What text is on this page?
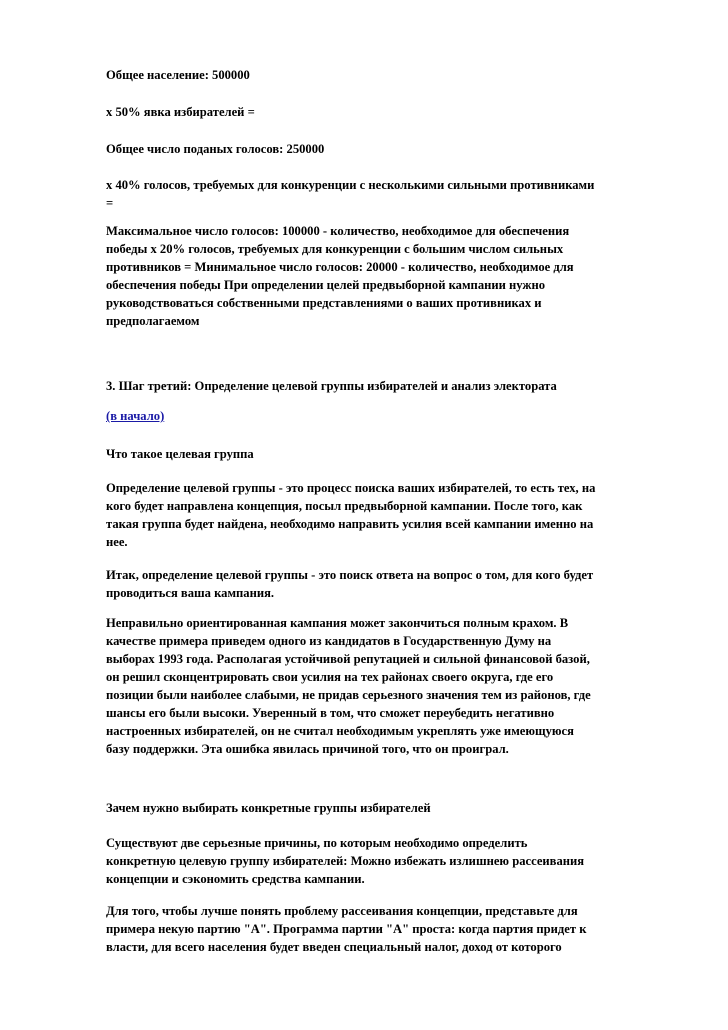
Общее население: 500000
х 50% явка избирателей =
Общее число поданых голосов: 250000
х 40% голосов, требуемых для конкуренции с несколькими сильными противниками
=
Максимальное число голосов: 100000 - количество, необходимое для обеспечения
победы х 20% голосов, требуемых для конкуренции с большим числом сильных
противников = Минимальное число голосов: 20000 - количество, необходимое для
обеспечения победы При определении целей предвыборной кампании нужно
руководствоваться собственными представлениями о ваших противниках и
предполагаемом
3. Шаг третий: Определение целевой группы избирателей и анализ электората
(в начало)
Что такое целевая группа
Определение целевой группы - это процесс поиска ваших избирателей, то есть тех, на
кого будет направлена концепция, посыл предвыборной кампании. После того, как
такая группа будет найдена, необходимо направить усилия всей кампании именно на
нее.
Итак, определение целевой группы - это поиск ответа на вопрос о том, для кого будет
проводиться ваша кампания.
Неправильно ориентированная кампания может закончиться полным крахом. В
качестве примера приведем одного из кандидатов в Государственную Думу на
выборах 1993 года. Располагая устойчивой репутацией и сильной финансовой базой,
он решил сконцентрировать свои усилия на тех районах своего округа, где его
позиции были наиболее слабыми, не придав серьезного значения тем из районов, где
шансы его были высоки. Уверенный в том, что сможет переубедить негативно
настроенных избирателей, он не считал необходимым укреплять уже имеющуюся
базу поддержки. Эта ошибка явилась причиной того, что он проиграл.
Зачем нужно выбирать конкретные группы избирателей
Существуют две серьезные причины, по которым необходимо определить
конкретную целевую группу избирателей: Можно избежать излишнею рассеивания
концепции и сэкономить средства кампании.
Для того, чтобы лучше понять проблему рассеивания концепции, представьте для
примера некую партию "А". Программа партии "А" проста: когда партия придет к
власти, для всего населения будет введен специальный налог, доход от которого
